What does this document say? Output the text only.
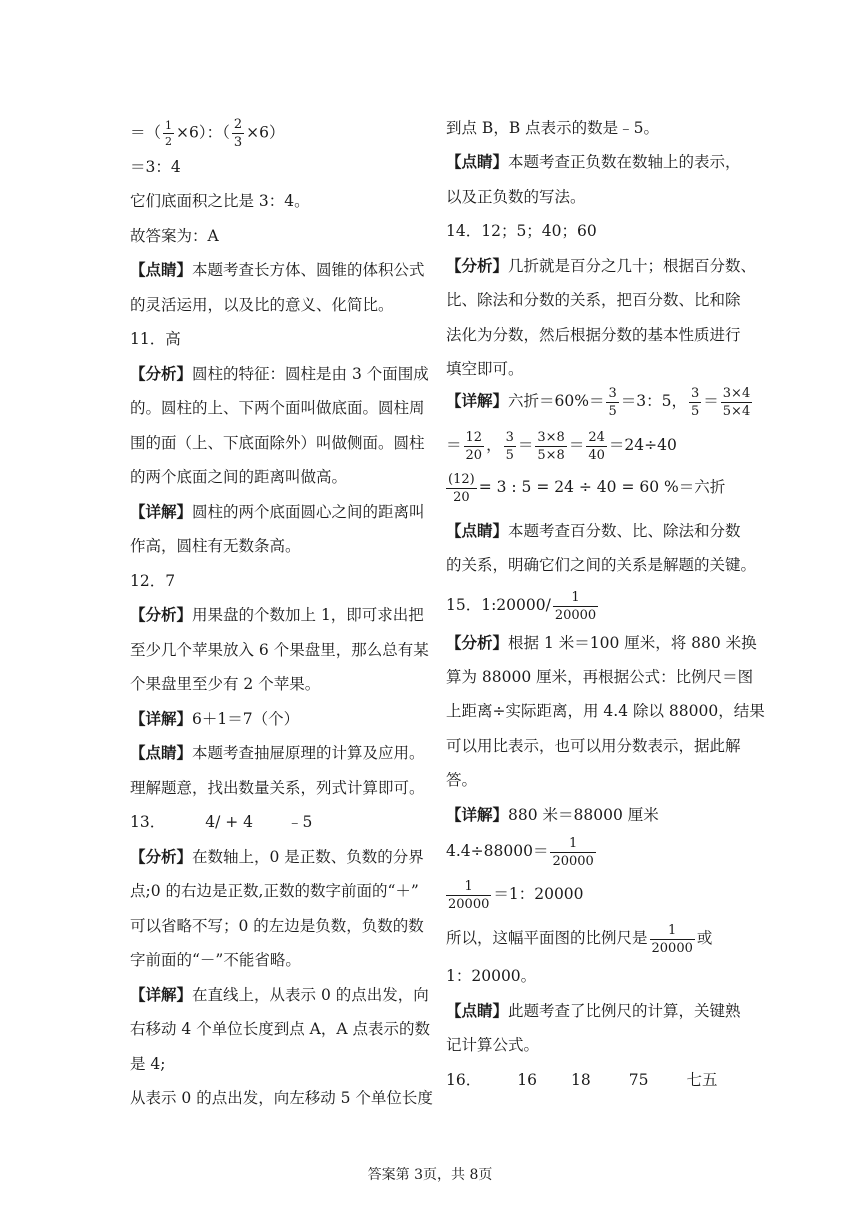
＝（ $\frac{1}{2} \times 6$）：（ $\frac{2}{3} \times 6$）
＝3：4
它们底面积之比是 3：4。
故答案为：A
【点睛】本题考查长方体、圆锥的体积公式
的灵活运用，以及比的意义、化简比。
11．高
【分析】圆柱的特征：圆柱是由 3 个面围成
的。圆柱的上、下两个面叫做底面。圆柱周
围的面（上、下底面除外）叫做侧面。圆柱
的两个底面之间的距离叫做高。
【详解】圆柱的两个底面圆心之间的距离叫
作高，圆柱有无数条高。
12．7
【分析】用果盘的个数加上 1，即可求出把
至少几个苹果放入 6 个果盘里，那么总有某
个果盘里至少有 2 个苹果。
【详解】6＋1＝7（个）
【点睛】本题考查抽屉原理的计算及应用。
理解题意，找出数量关系，列式计算即可。
13．	4/ + 4 ﹣5
【分析】在数轴上，0 是正数、负数的分界
点;0 的右边是正数,正数的数字前面的“＋”
可以省略不写；0 的左边是负数，负数的数
字前面的“－”不能省略。
【详解】在直线上，从表示 0 的点出发，向
右移动 4 个单位长度到点 A，A 点表示的数
是 4;
从表示 0 的点出发，向左移动 5 个单位长度
到点 B，B 点表示的数是﹣5。
【点睛】本题考查正负数在数轴上的表示，
以及正负数的写法。
14．12；5；40；60
【分析】几折就是百分之几十；根据百分数、
比、除法和分数的关系，把百分数、比和除
法化为分数，然后根据分数的基本性质进行
填空即可。
【详解】六折$=60\%= \frac{3}{5} =3$：5， $\frac{3}{5} = \frac{3\times 4}{5\times 4}$
＝ $\frac{12}{20}$ ， $\frac{3}{5} = \frac{3\times 8}{5\times 8} = \frac{24}{40} =24\div 40$
$\frac{(12)}{20} = 3$ : 5 = 24 ÷ 40 = 60 %＝六折
【点睛】本题考查百分数、比、除法和分数
的关系，明确它们之间的关系是解题的关键。
15．1:20000/ $\frac{1}{20000}$
【分析】根据 1 米＝100 厘米，将 880 米换
算为 88000 厘米，再根据公式：比例尺＝图
上距离÷实际距离，用 4.4 除以 88000，结果
可以用比表示，也可以用分数表示，据此解
答。
【详解】880 米＝88000 厘米
$4.4\div 88000= \frac{1}{20000}$
$\frac{1}{20000} =1$：20000
所以，这幅平面图的比例尺是 $\frac{1}{20000}$ 或
1：20000。
【点睛】此题考查了比例尺的计算，关键熟
记计算公式。
16． 16 18 75 七五
答案第 3页，共 8页
